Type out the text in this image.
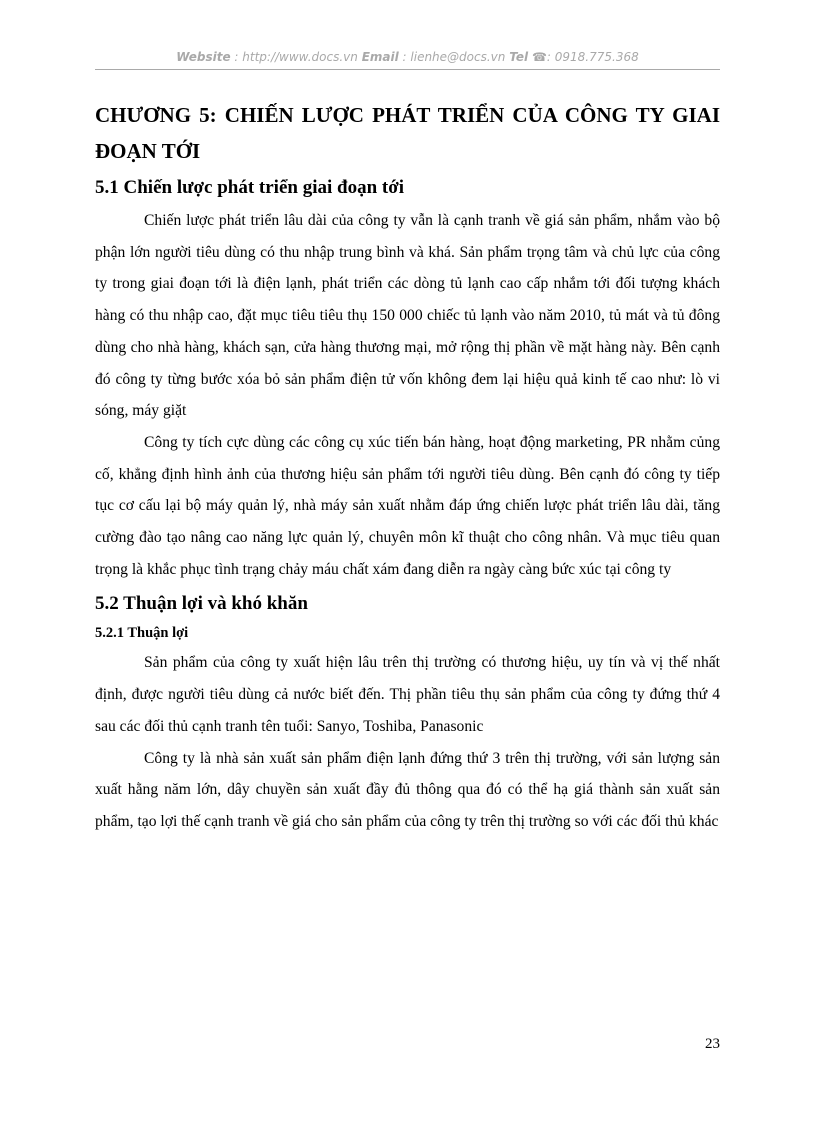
Website : http://www.docs.vn Email : lienhe@docs.vn Tel ☎: 0918.775.368
CHƯƠNG 5: CHIẾN LƯỢC PHÁT TRIỂN CỦA CÔNG TY GIAI ĐOẠN TỚI
5.1 Chiến lược phát triển giai đoạn tới

Chiến lược phát triển lâu dài của công ty vẫn là cạnh tranh về giá sản phẩm, nhắm vào bộ phận lớn người tiêu dùng có thu nhập trung bình và khá. Sản phẩm trọng tâm và chủ lực của công ty trong giai đoạn tới là điện lạnh, phát triển các dòng tủ lạnh cao cấp nhắm tới đối tượng khách hàng có thu nhập cao, đặt mục tiêu tiêu thụ 150 000 chiếc tủ lạnh vào năm 2010, tủ mát và tủ đông dùng cho nhà hàng, khách sạn, cửa hàng thương mại, mở rộng thị phần về mặt hàng này. Bên cạnh đó công ty từng bước xóa bỏ sản phẩm điện tử vốn không đem lại hiệu quả kinh tế cao như: lò vi sóng, máy giặt

Công ty tích cực dùng các công cụ xúc tiến bán hàng, hoạt động marketing, PR nhằm củng cố, khẳng định hình ảnh của thương hiệu sản phẩm tới người tiêu dùng. Bên cạnh đó công ty tiếp tục cơ cấu lại bộ máy quản lý, nhà máy sản xuất nhằm đáp ứng chiến lược phát triển lâu dài, tăng cường đào tạo nâng cao năng lực quản lý, chuyên môn kĩ thuật cho công nhân. Và mục tiêu quan trọng là khắc phục tình trạng chảy máu chất xám đang diễn ra ngày càng bức xúc tại công ty

5.2 Thuận lợi và khó khăn
5.2.1 Thuận lợi

Sản phẩm của công ty xuất hiện lâu trên thị trường có thương hiệu, uy tín và vị thế nhất định, được người tiêu dùng cả nước biết đến. Thị phần tiêu thụ sản phẩm của công ty đứng thứ 4 sau các đối thủ cạnh tranh tên tuổi: Sanyo, Toshiba, Panasonic

Công ty là nhà sản xuất sản phẩm điện lạnh đứng thứ 3 trên thị trường, với sản lượng sản xuất hằng năm lớn, dây chuyền sản xuất đầy đủ thông qua đó có thể hạ giá thành sản xuất sản phẩm, tạo lợi thế cạnh tranh về giá cho sản phẩm của công ty trên thị trường so với các đối thủ khác

23
